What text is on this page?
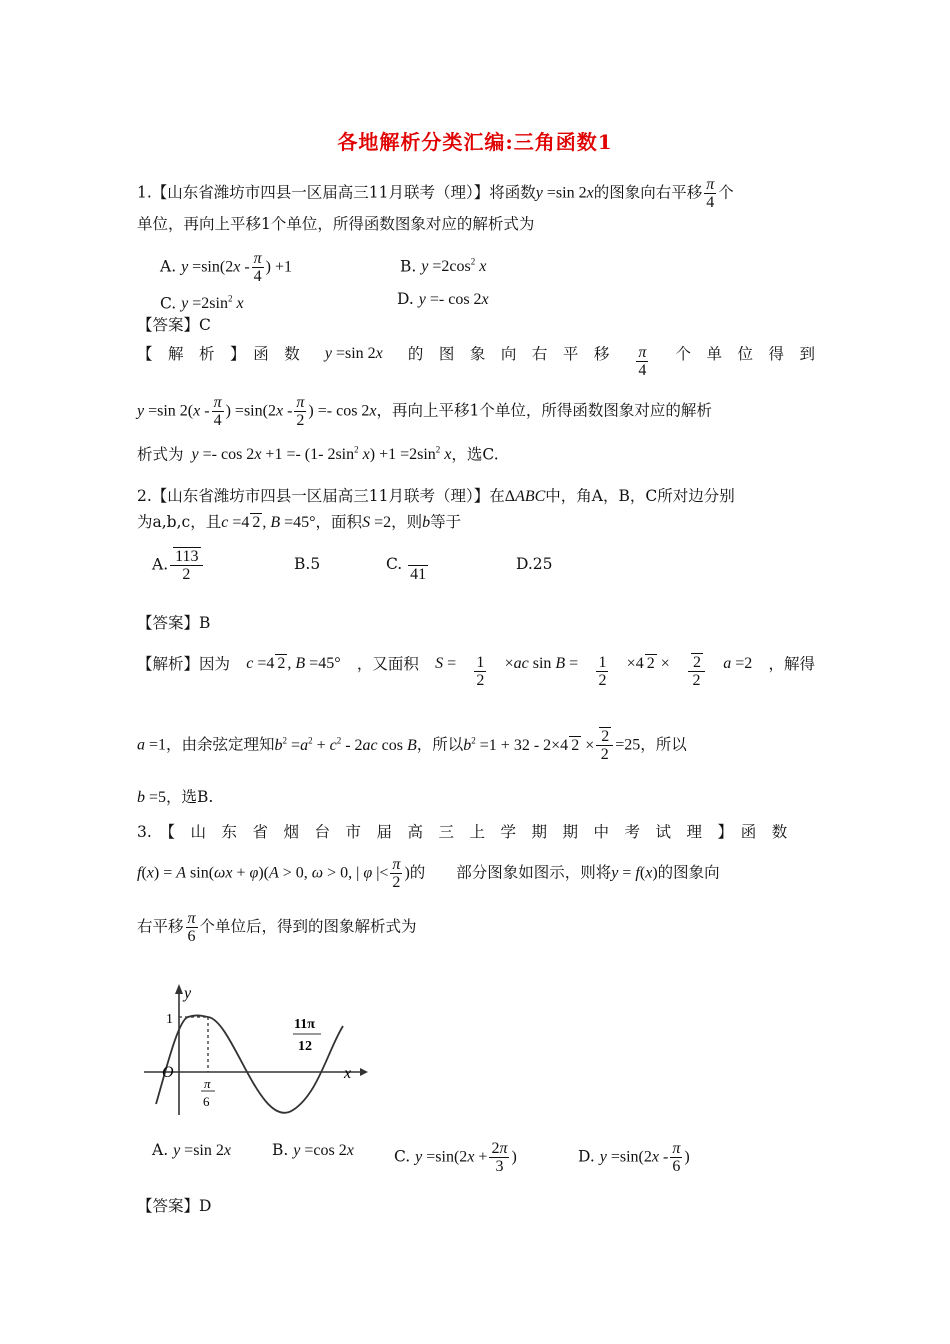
各地解析分类汇编:三角函数1
1.【山东省潍坊市四县一区届高三11月联考（理）】将函数y =sin 2x的图象向右平移 $\frac{\pi}{4}$ 个
单位，再向上平移1个单位，所得函数图象对应的解析式为
A. $y =\sin(2x - \frac{\pi}{4}$ ) +1	B. $y =2\cos^2$ x
C. $y =2\sin^2$ x	D. y =- cos 2x
【答案】C
【　解　析　】　函　数 y =sin 2x 的　图　象　向　右　平　移 $\frac{\pi}{4}$ 个　单　位　得　到
y =sin $2(x - \frac{\pi}{4}$ ) $=\sin(2x - \frac{\pi}{2}$ ) =- cos 2x，再向上平移1个单位，所得函数图象对应的解析
析式为 y =- cos 2x +1 =- (1- $2\sin^2$ $x) +1 =2\sin^2$ x，选C.
2.【山东省潍坊市四县一区届高三11月联考（理）】在ΔABC中，角A，B，C所对边分别
为a,b,c，且c =4 2 , B =45°，面积S =2，则b等于
A. $\frac{113}{2}$	B.5	C. 41
D.25
【答案】B
【解析】因为 c =4 2 , B =45° ，又面积 $S = \frac{1}{2} \times ac$ $\sin B = \frac{1}{2} \times 4$ $2 \times \frac{2}{2}$ a =2 ，解得
a =1，由余弦定理知$b^2 =a^2 + c^2 - 2ac$ cos B，所以$b^2 =1 + 32 - 2\times 4$ $2 \times \frac{2}{2} =25$，所以
b =5，选B.
3.　【　山　东　省　烟　台　市　届　高　三　上　学　期　期　中　考　试　理　】　函　数
f(x) = A sin(ωx + φ)(A > 0, ω > 0, | φ |< $\frac{\pi}{2}$ )的　　部分图象如图示，则将y = f(x)的图象向
右平移 $\frac{\pi}{6}$ 个单位后，得到的图象解析式为
y
x
O
1
π
6
11π
12
A. y =sin 2x	B. y =cos 2x	C. $y =\sin(2x + \frac{2\pi}{3}$ )	D. $y =\sin(2x - \frac{\pi}{6}$ )
【答案】D
